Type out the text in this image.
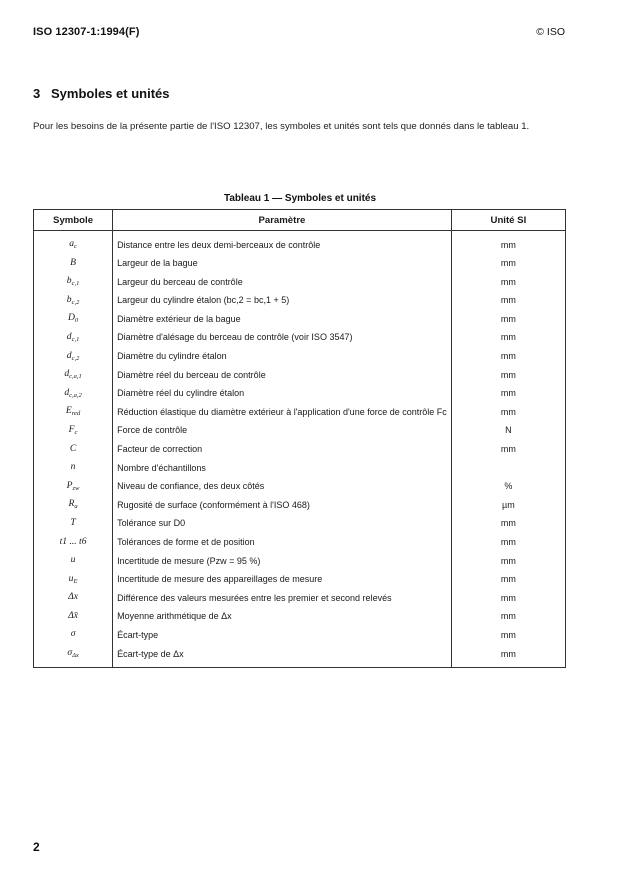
ISO 12307-1:1994(F)	© ISO
3 Symboles et unités

Pour les besoins de la présente partie de l'ISO 12307, les symboles et unités sont tels que donnés dans le tableau 1.

Tableau 1 — Symboles et unités
Symbole	Paramètre	Unité SI
$a_c$	Distance entre les deux demi-berceaux de contrôle	mm
B	Largeur de la bague	mm
$b_{c,1}$	Largeur du berceau de contrôle	mm
$b_{c,2}$	Largeur du cylindre étalon (bc,2 = bc,1 + 5)	mm
$D_0$	Diamètre extérieur de la bague	mm
$d_{c,1}$	Diamètre d'alésage du berceau de contrôle (voir ISO 3547)	mm
$d_{c,2}$	Diamètre du cylindre étalon	mm
$d_{c,a,1}$	Diamètre réel du berceau de contrôle	mm
$d_{c,a,2}$	Diamètre réel du cylindre étalon	mm
$E_{red}$	Réduction élastique du diamètre extérieur à l'application d'une force de contrôle Fc	mm
$F_c$	Force de contrôle	N
C	Facteur de correction	mm
n	Nombre d'échantillons	
$P_{zw}$	Niveau de confiance, des deux côtés	%
$R_a$	Rugosité de surface (conformément à l'ISO 468)	µm
T	Tolérance sur D0	mm
t1 ... t6	Tolérances de forme et de position	mm
u	Incertitude de mesure (Pzw = 95 %)	mm
$u_E$	Incertitude de mesure des appareillages de mesure	mm
Δx	Différence des valeurs mesurées entre les premier et second relevés	mm
Δx̄	Moyenne arithmétique de Δx	mm
σ	Écart-type	mm
$\sigma_{\Delta x}$	Écart-type de Δx	mm
2
